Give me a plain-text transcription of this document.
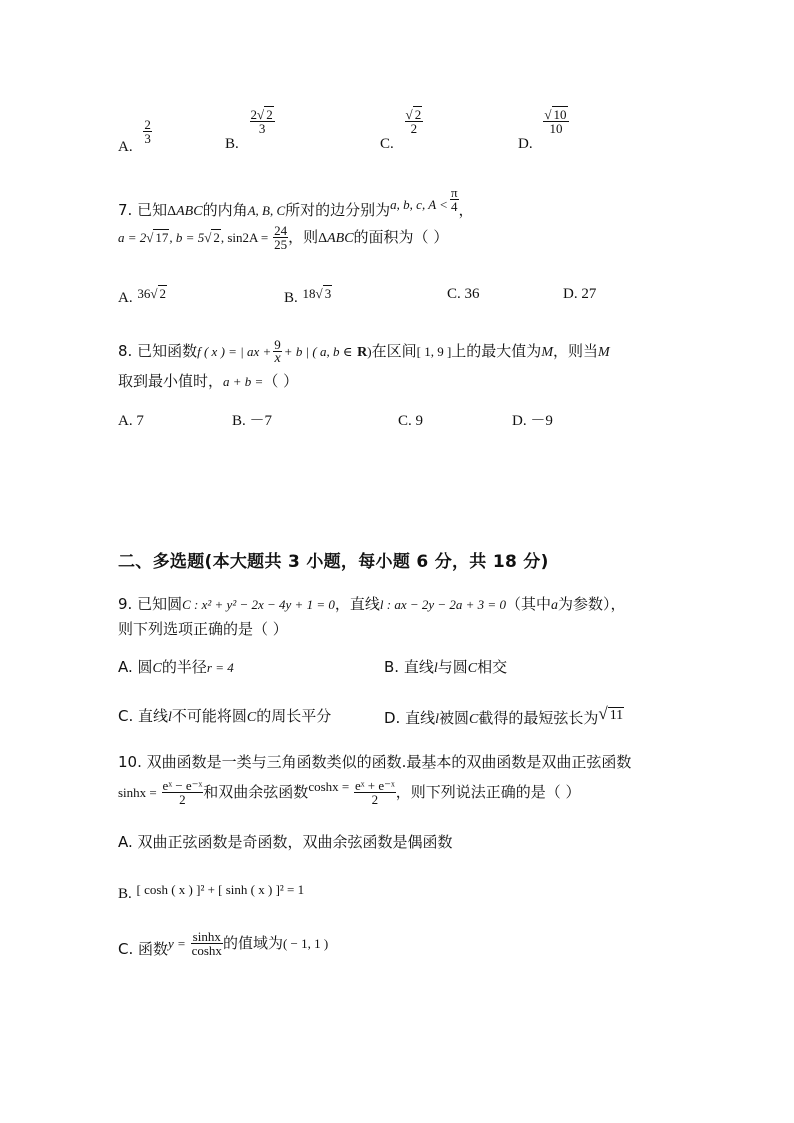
A.
$\frac{2}{3}$	B.
$\frac{2√ 2}{3}$
C.
$\frac{√ 2}{2}$
D.
$\frac{√ 10}{10}$
7. 已知ΔABC的内角A, B, C所对的边分别为a, b, c, $A < \frac{\pi}{4}$ ，
a = 2√ 17, b = 5√ 2, $\sin 2A = \frac{24}{25}$ ，则ΔABC的面积为（ ）
A. 36√ 2	B. 18√ 3	C. 36	D. 27
8. 已知函数f ( x ) = | ax + $\frac{9}{x} + b$ | ( a, b ∈ R)在区间[ 1, 9 ]上的最大值为M，则当M
取到最小值时，a + b =（ ）
A. 7	B. －7	C. 9	D. －9
二、多选题(本大题共 3 小题，每小题 6 分，共 18 分)
9. 已知圆C : x² + y² − 2x − 4y + 1 = 0，直线l : ax − 2y − 2a + 3 = 0（其中a为参数），
则下列选项正确的是（ ）
A. 圆C的半径r = 4	B. 直线l与圆C相交
C. 直线l不可能将圆C的周长平分	D. 直线l被圆C截得的最短弦长为√ 11
10. 双曲函数是一类与三角函数类似的函数.最基本的双曲函数是双曲正弦函数
$\sinh x = \frac{\text{eˣ − e⁻ˣ}}{2}$ 和双曲余弦函数$\cosh x = \frac{\text{eˣ + e⁻ˣ}}{2}$ ，则下列说法正确的是（ ）
A. 双曲正弦函数是奇函数，双曲余弦函数是偶函数
B. [ cosh ( x ) ]² + [ sinh ( x ) ]² = 1
C. 函数$y = \frac{\sinh x}{\cosh x}$ 的值域为( − 1, 1 )
